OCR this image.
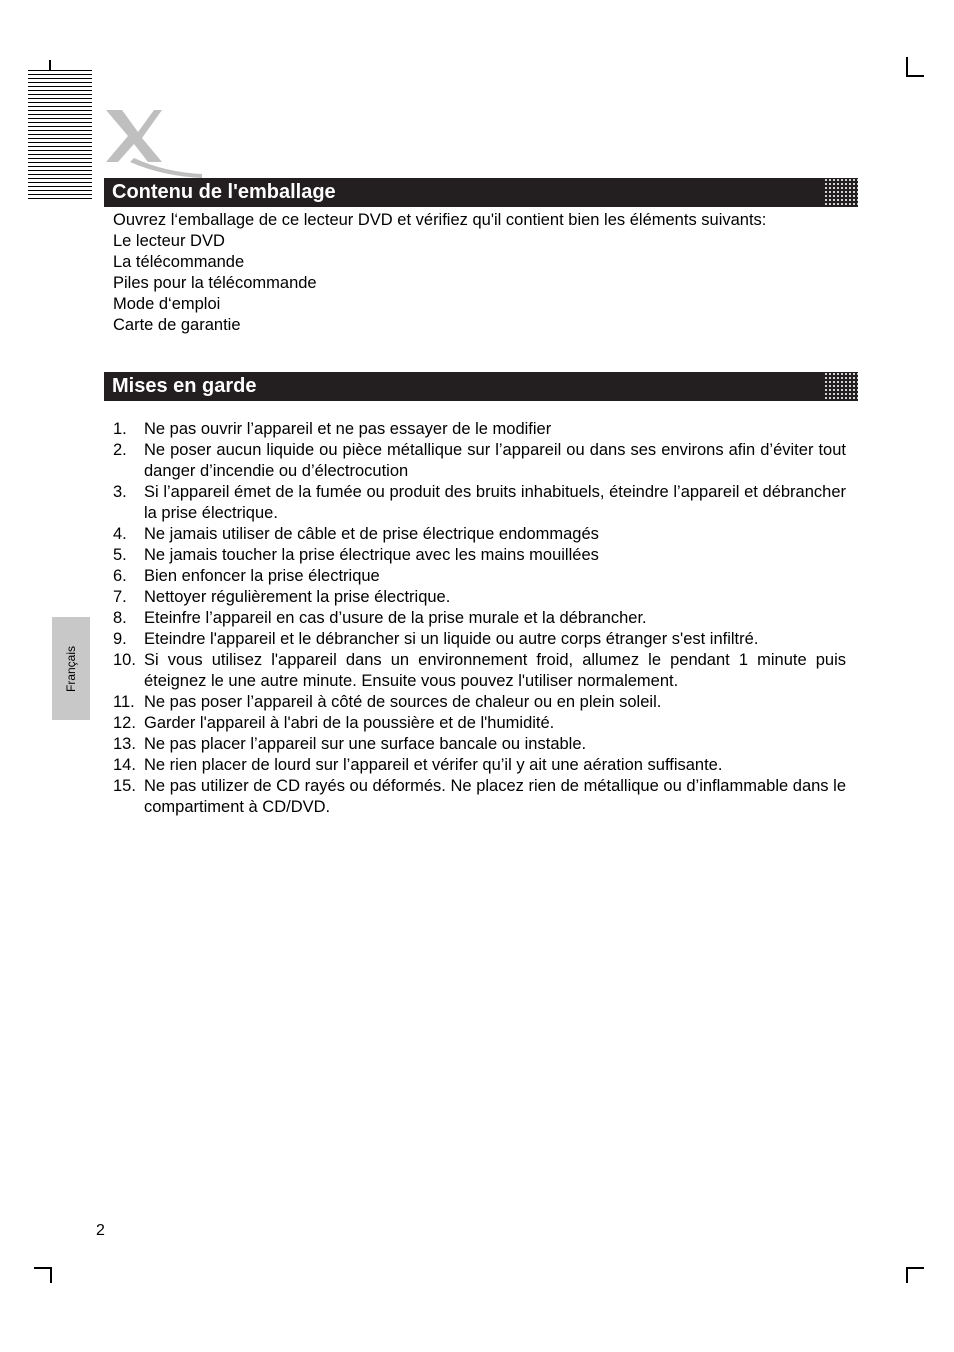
Contenu de l'emballage
Ouvrez l‘emballage de ce lecteur DVD et vérifiez qu'il contient bien les éléments suivants:
Le lecteur DVD
La télécommande
Piles pour la télécommande
Mode d‘emploi
Carte de garantie
Mises en garde
1. Ne pas ouvrir l’appareil et ne pas essayer de le modifier
2. Ne poser aucun liquide ou pièce métallique sur l’appareil ou dans ses environs afin d’éviter tout danger d’incendie ou d’électrocution
3. Si l’appareil émet de la fumée ou produit des bruits inhabituels, éteindre l’appareil et débrancher la prise électrique.
4. Ne jamais utiliser de câble et de prise électrique endommagés
5. Ne jamais toucher la prise électrique avec les mains mouillées
6. Bien enfoncer la prise électrique
7. Nettoyer régulièrement la prise électrique.
8. Eteinfre l’appareil en cas d’usure de la prise murale et la débrancher.
9. Eteindre l'appareil et le débrancher si un liquide ou autre corps étranger s'est infiltré.
10. Si vous utilisez l'appareil dans un environnement froid, allumez le pendant 1 minute puis éteignez le une autre minute. Ensuite vous pouvez l'utiliser normalement.
11. Ne pas poser l’appareil à côté de sources de chaleur ou en plein soleil.
12. Garder l'appareil à l'abri de la poussière et de l'humidité.
13. Ne pas placer l’appareil sur une surface bancale ou instable.
14. Ne rien placer de lourd sur l’appareil et vérifer qu’il y ait une aération suffisante.
15. Ne pas utilizer de CD rayés ou déformés. Ne placez rien de métallique ou d’inflammable dans le compartiment à CD/DVD.
Français
2
